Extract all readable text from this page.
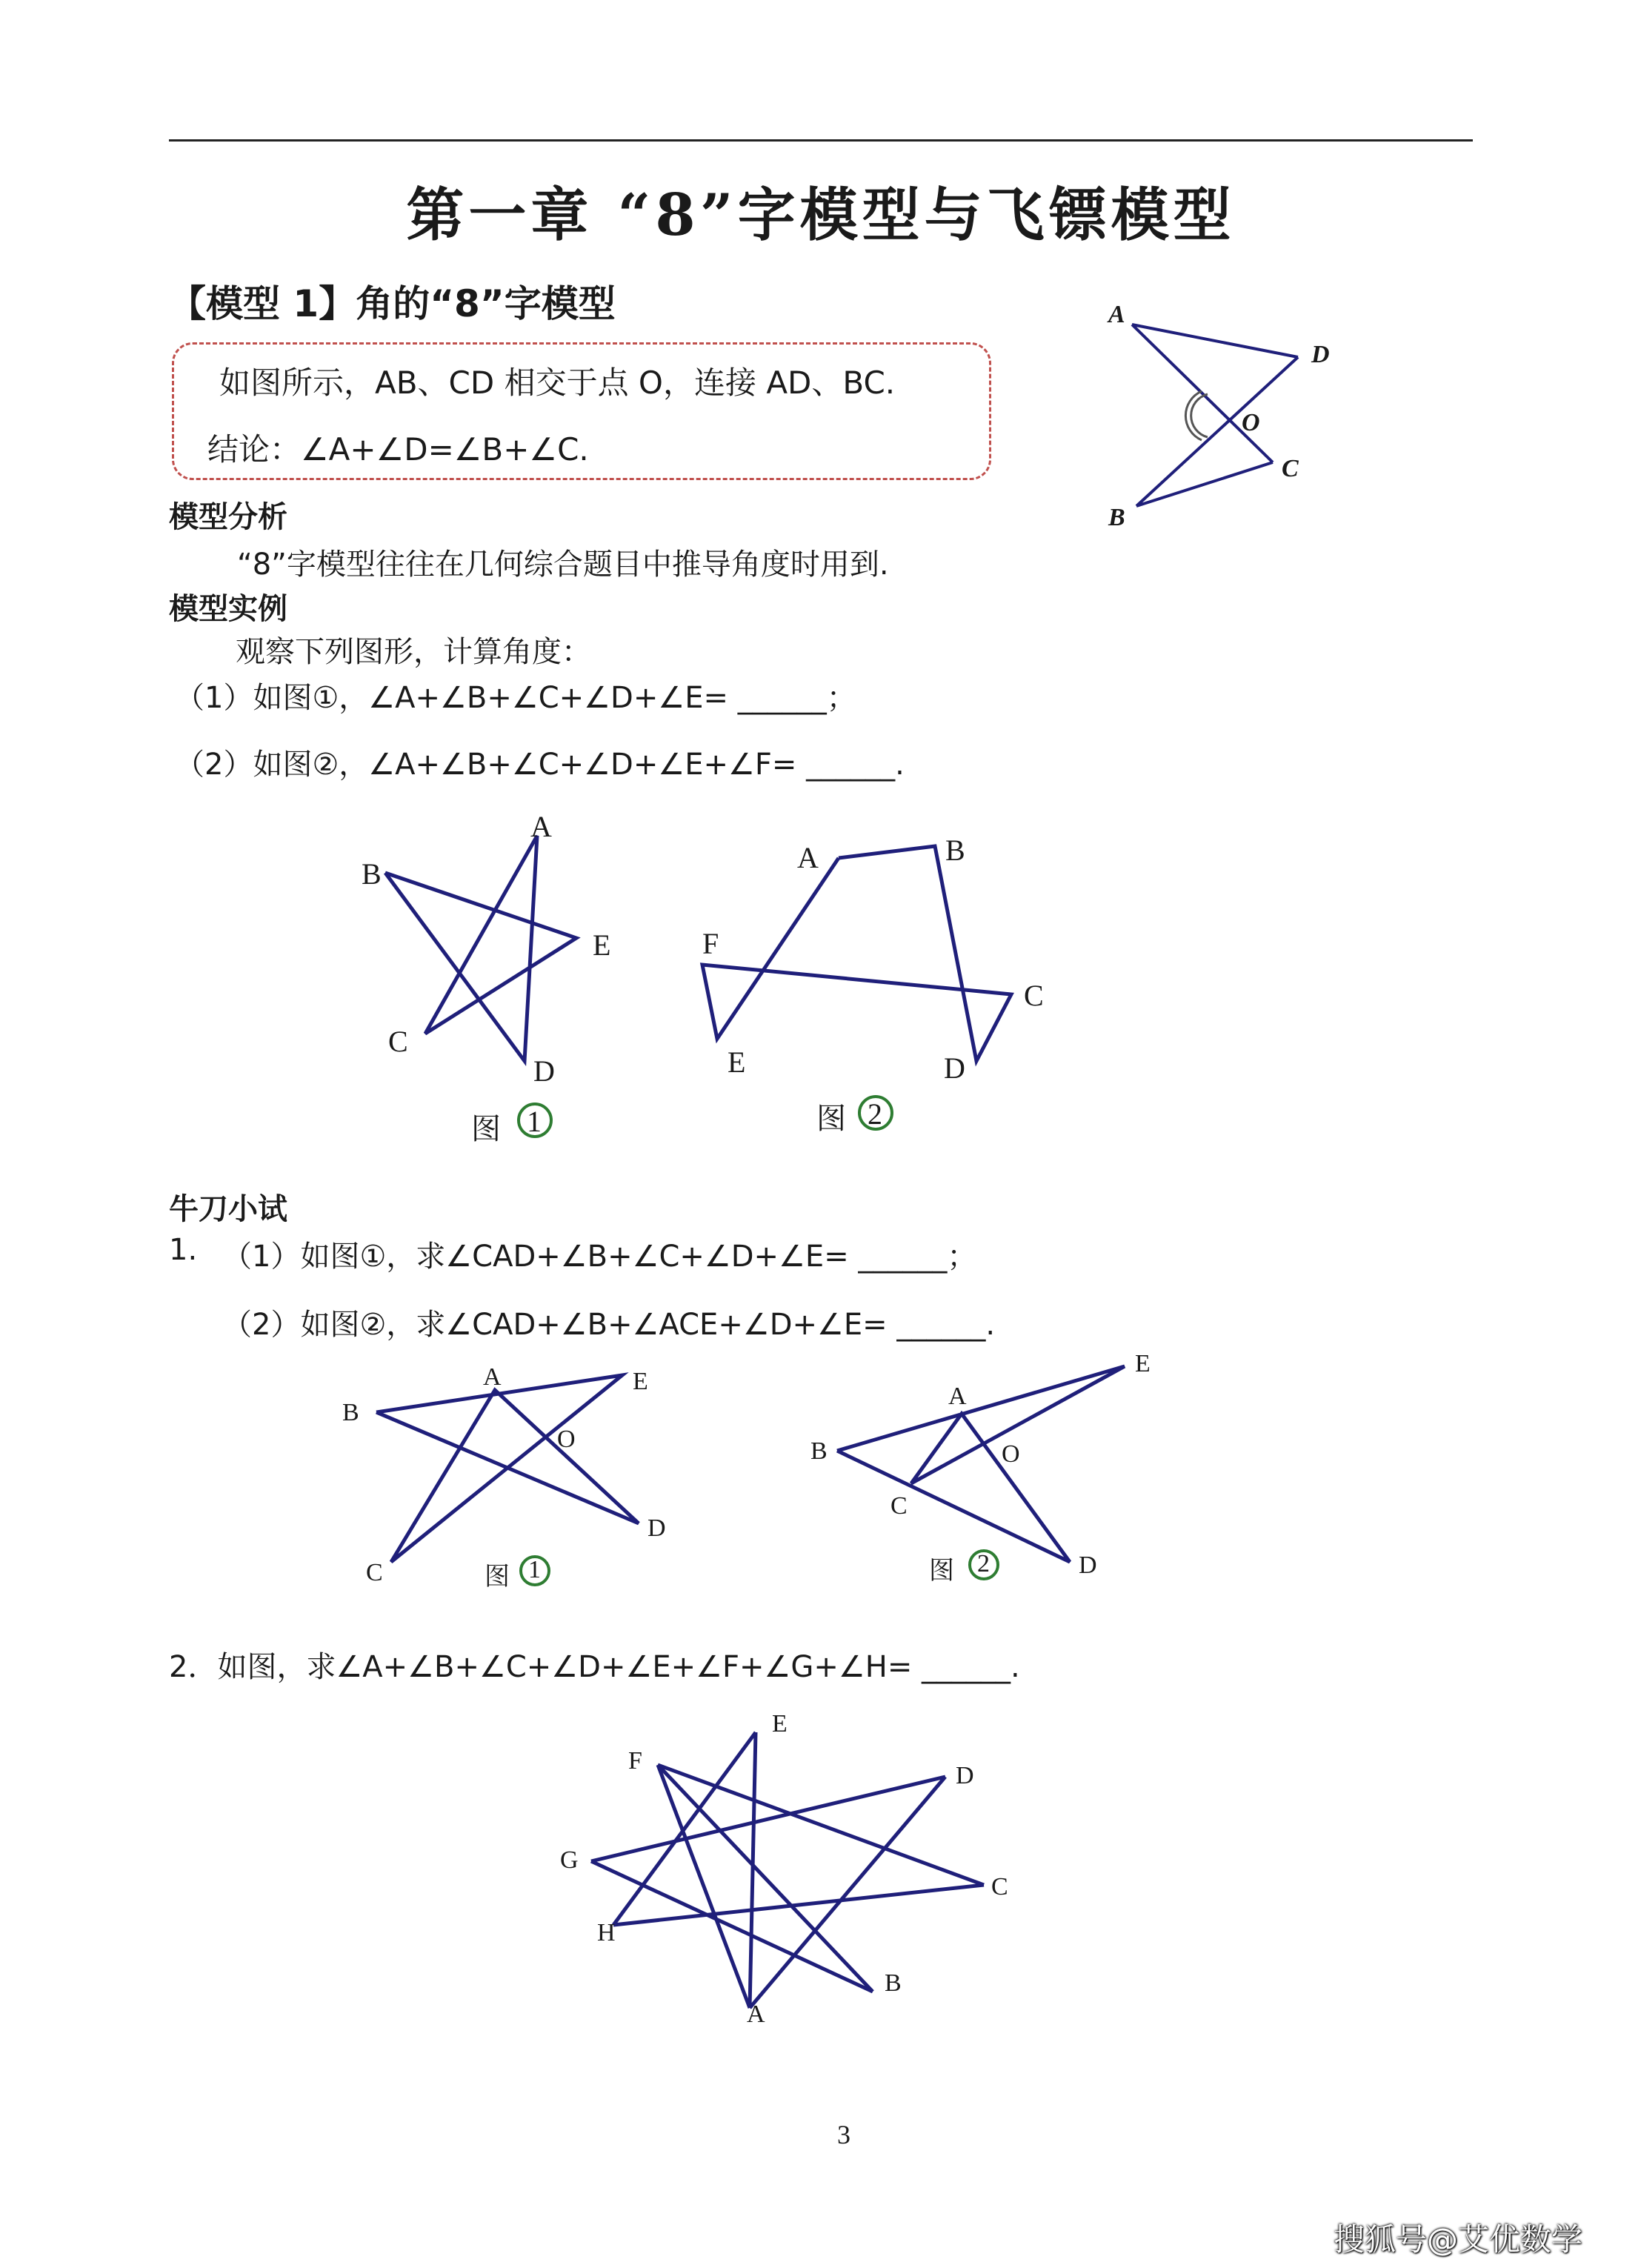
第一章 “8”字模型与飞镖模型
【模型 1】角的“8”字模型
如图所示，AB、CD 相交于点 O，连接 AD、BC.
结论：∠A+∠D=∠B+∠C.
模型分析
“8”字模型往往在几何综合题目中推导角度时用到.
模型实例
观察下列图形，计算角度：
（1）如图①，∠A+∠B+∠C+∠D+∠E= ______；
（2）如图②，∠A+∠B+∠C+∠D+∠E+∠F= ______.
牛刀小试
1. （1）如图①，求∠CAD+∠B+∠C+∠D+∠E= ______；
（2）如图②，求∠CAD+∠B+∠ACE+∠D+∠E= ______.
2．如图，求∠A+∠B+∠C+∠D+∠E+∠F+∠G+∠H= ______.
A
D
O
C
B
A
B
E
C
D
图 1
A	B
F
C
E	D
图 2
A
B
E
O
D
C	图 1
A
E
B	O
C
D
图 2
E
F
D
G
C
H
B
A
3
搜狐号@艾优数学
